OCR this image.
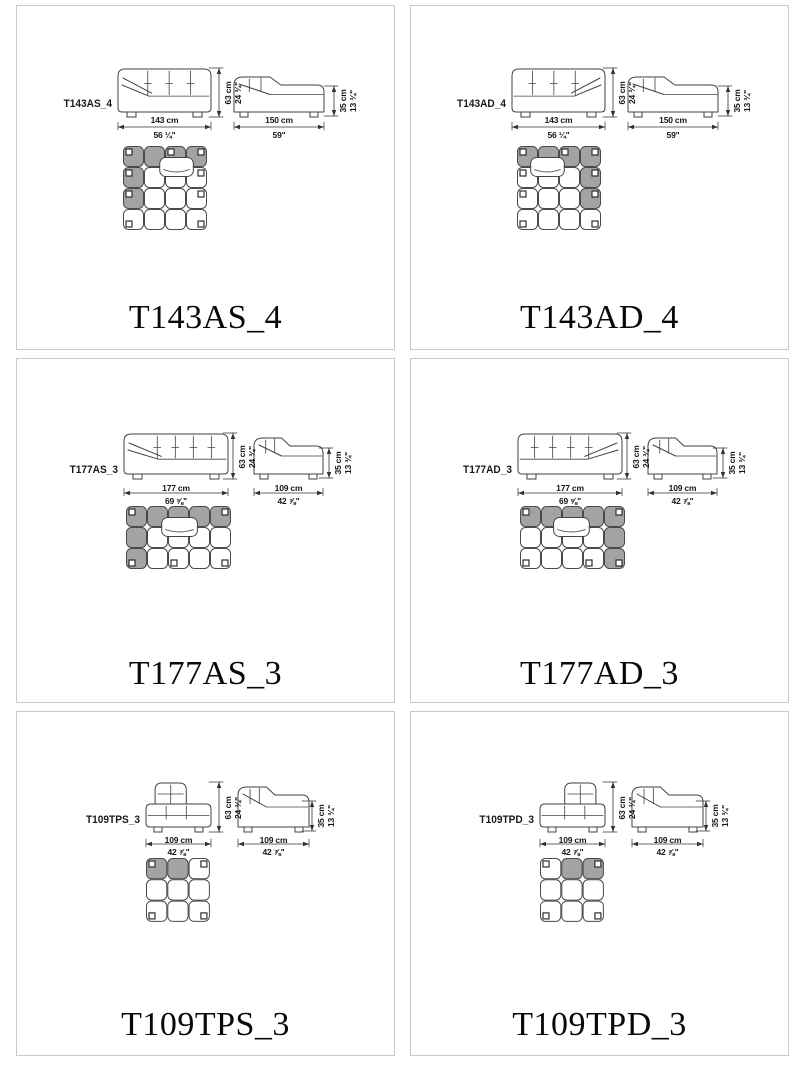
T143AS_4
143 cm
56 ¼"
150 cm
59"
63 cm 24 ¾"	35 cm 13 ¾"
T143AS_4
T143AD_4
143 cm
56 ¼"
150 cm
59"
63 cm 24 ¾"	35 cm 13 ¾"
T143AD_4
T177AS_3
177 cm
69 ⅝"
109 cm
42 ⅞"
63 cm 24 ¾"	35 cm 13 ¾"
T177AS_3
T177AD_3
177 cm
69 ⅝"
109 cm
42 ⅞"
63 cm 24 ¾"	35 cm 13 ¾"
T177AD_3
T109TPS_3
109 cm
42 ⅞"
109 cm
42 ⅞"
63 cm 24 ¾"	35 cm 13 ¾"
T109TPS_3
T109TPD_3
109 cm
42 ⅞"
109 cm
42 ⅞"
63 cm 24 ¾"	35 cm 13 ¾"
T109TPD_3
